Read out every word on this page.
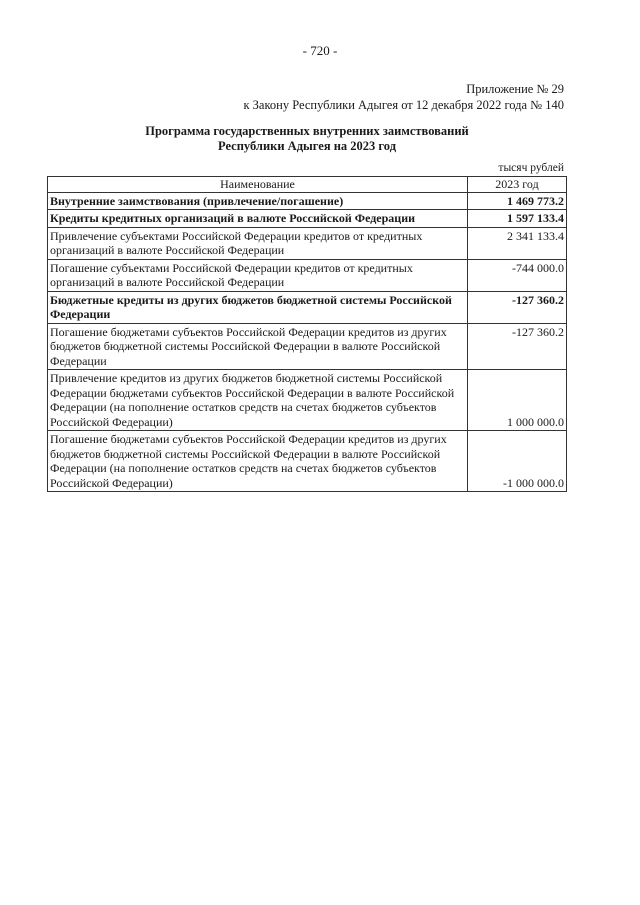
- 720 -
Приложение № 29
к Закону Республики Адыгея от 12 декабря 2022 года № 140
Программа государственных внутренних заимствований
Республики Адыгея на 2023 год
тысяч рублей
Наименование	2023 год
Внутренние заимствования (привлечение/погашение)	1 469 773.2
Кредиты кредитных организаций в валюте Российской Федерации	1 597 133.4
Привлечение субъектами Российской Федерации кредитов от кредитных организаций в валюте Российской Федерации	2 341 133.4
Погашение субъектами Российской Федерации кредитов от кредитных организаций в валюте Российской Федерации	-744 000.0
Бюджетные кредиты из других бюджетов бюджетной системы Российской Федерации	-127 360.2
Погашение бюджетами субъектов Российской Федерации кредитов из других бюджетов бюджетной системы Российской Федерации в валюте Российской Федерации	-127 360.2
Привлечение кредитов из других бюджетов бюджетной системы Российской Федерации бюджетами субъектов Российской Федерации в валюте Российской Федерации (на пополнение остатков средств на счетах бюджетов субъектов Российской Федерации)	1 000 000.0
Погашение бюджетами субъектов Российской Федерации кредитов из других бюджетов бюджетной системы Российской Федерации в валюте Российской Федерации (на пополнение остатков средств на счетах бюджетов субъектов Российской Федерации)	-1 000 000.0
